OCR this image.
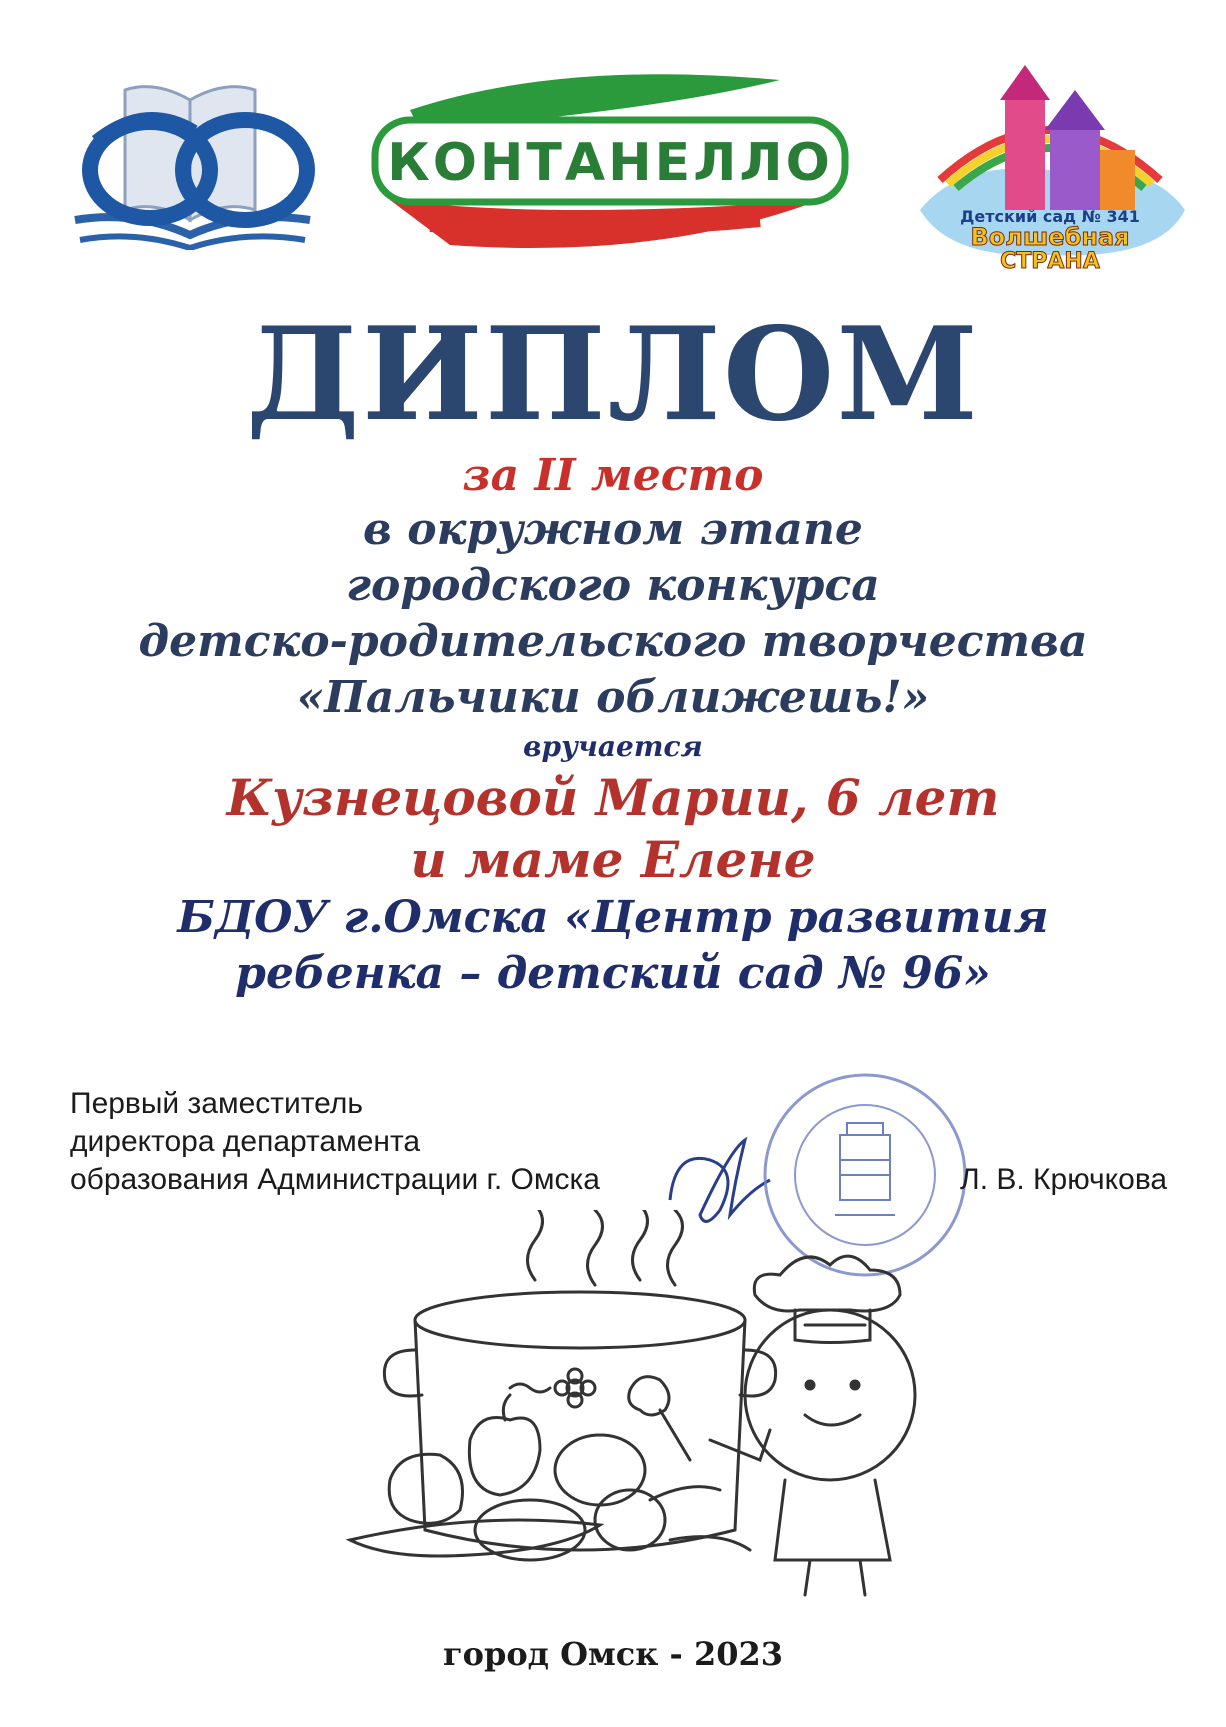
КОНТАНЕЛЛО
Детский сад № 341
Волшебная
СТРАНА
ДИПЛОМ
за II место
в окружном этапе
городского конкурса
детско-родительского творчества
«Пальчики оближешь!»
вручается
Кузнецовой Марии, 6 лет
и маме Елене
БДОУ г.Омска «Центр развития
ребенка – детский сад № 96»
Первый заместитель
директора департамента
образования Администрации г. Омска	Л. В. Крючкова
город Омск - 2023
